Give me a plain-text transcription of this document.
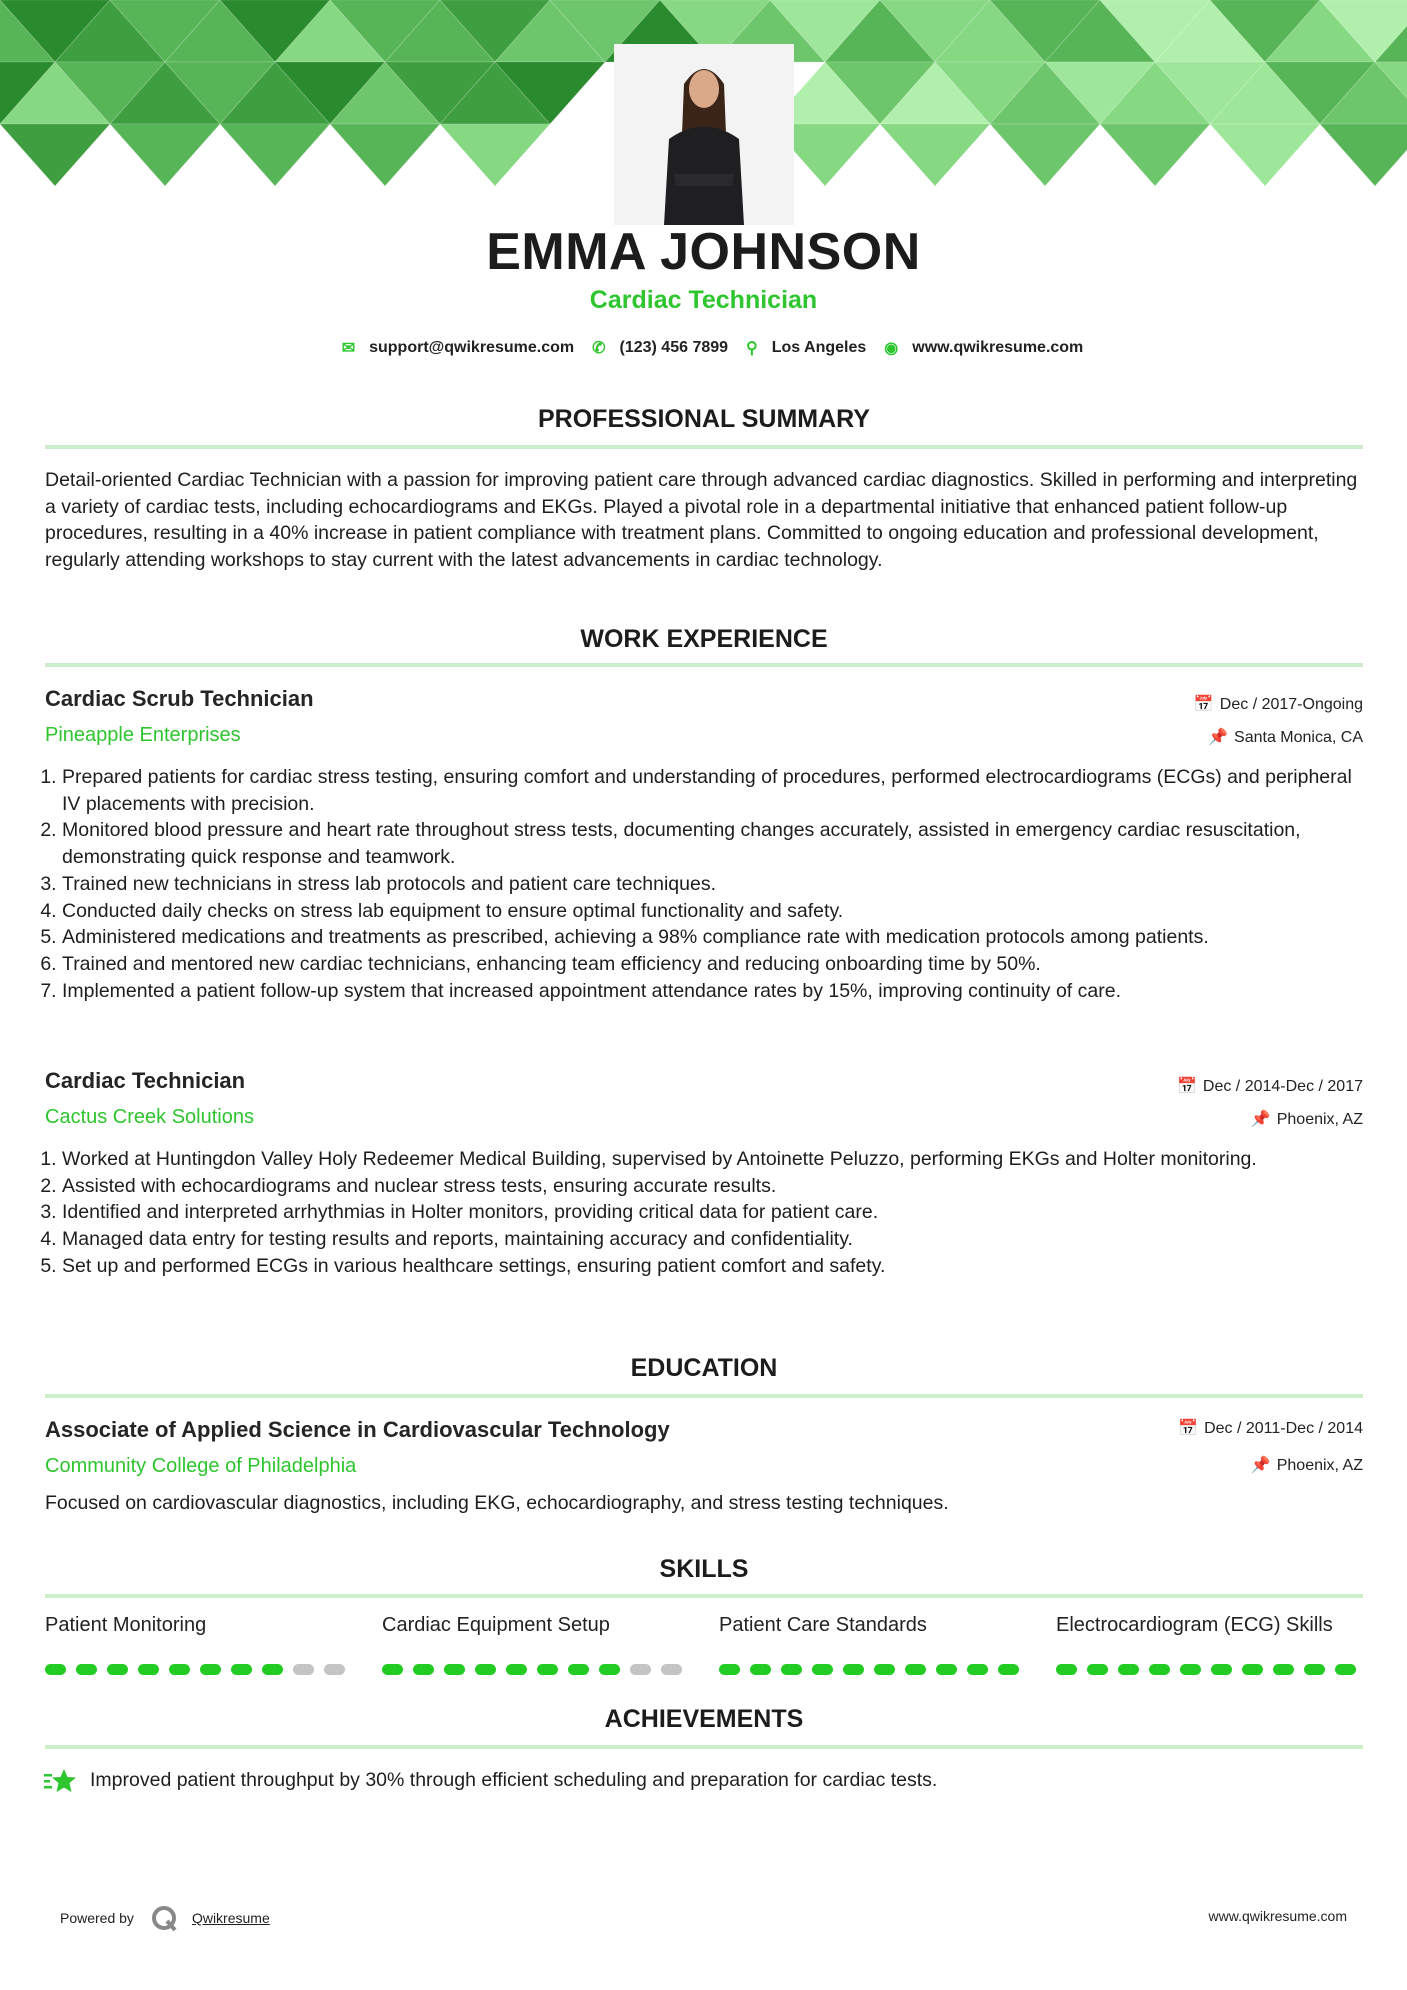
EMMA JOHNSON
Cardiac Technician
✉ support@qwikresume.com ✆ (123) 456 7899 ⚲ Los Angeles ◉ www.qwikresume.com
PROFESSIONAL SUMMARY
Detail-oriented Cardiac Technician with a passion for improving patient care through advanced cardiac diagnostics. Skilled in performing and interpreting a variety of cardiac tests, including echocardiograms and EKGs. Played a pivotal role in a departmental initiative that enhanced patient follow-up procedures, resulting in a 40% increase in patient compliance with treatment plans. Committed to ongoing education and professional development, regularly attending workshops to stay current with the latest advancements in cardiac technology.
WORK EXPERIENCE
Cardiac Scrub Technician
Pineapple Enterprises
📅 Dec / 2017-Ongoing
📌 Santa Monica, CA
1. Prepared patients for cardiac stress testing, ensuring comfort and understanding of procedures, performed electrocardiograms (ECGs) and peripheral IV placements with precision.
2. Monitored blood pressure and heart rate throughout stress tests, documenting changes accurately, assisted in emergency cardiac resuscitation, demonstrating quick response and teamwork.
3. Trained new technicians in stress lab protocols and patient care techniques.
4. Conducted daily checks on stress lab equipment to ensure optimal functionality and safety.
5. Administered medications and treatments as prescribed, achieving a 98% compliance rate with medication protocols among patients.
6. Trained and mentored new cardiac technicians, enhancing team efficiency and reducing onboarding time by 50%.
7. Implemented a patient follow-up system that increased appointment attendance rates by 15%, improving continuity of care.
Cardiac Technician
Cactus Creek Solutions
📅 Dec / 2014-Dec / 2017
📌 Phoenix, AZ
1. Worked at Huntingdon Valley Holy Redeemer Medical Building, supervised by Antoinette Peluzzo, performing EKGs and Holter monitoring.
2. Assisted with echocardiograms and nuclear stress tests, ensuring accurate results.
3. Identified and interpreted arrhythmias in Holter monitors, providing critical data for patient care.
4. Managed data entry for testing results and reports, maintaining accuracy and confidentiality.
5. Set up and performed ECGs in various healthcare settings, ensuring patient comfort and safety.
EDUCATION
Associate of Applied Science in Cardiovascular Technology
Community College of Philadelphia
📅 Dec / 2011-Dec / 2014
📌 Phoenix, AZ
Focused on cardiovascular diagnostics, including EKG, echocardiography, and stress testing techniques.
SKILLS
Patient Monitoring	Cardiac Equipment Setup	Patient Care Standards	Electrocardiogram (ECG) Skills
ACHIEVEMENTS
Improved patient throughput by 30% through efficient scheduling and preparation for cardiac tests.
Powered by	Qwikresume	www.qwikresume.com
